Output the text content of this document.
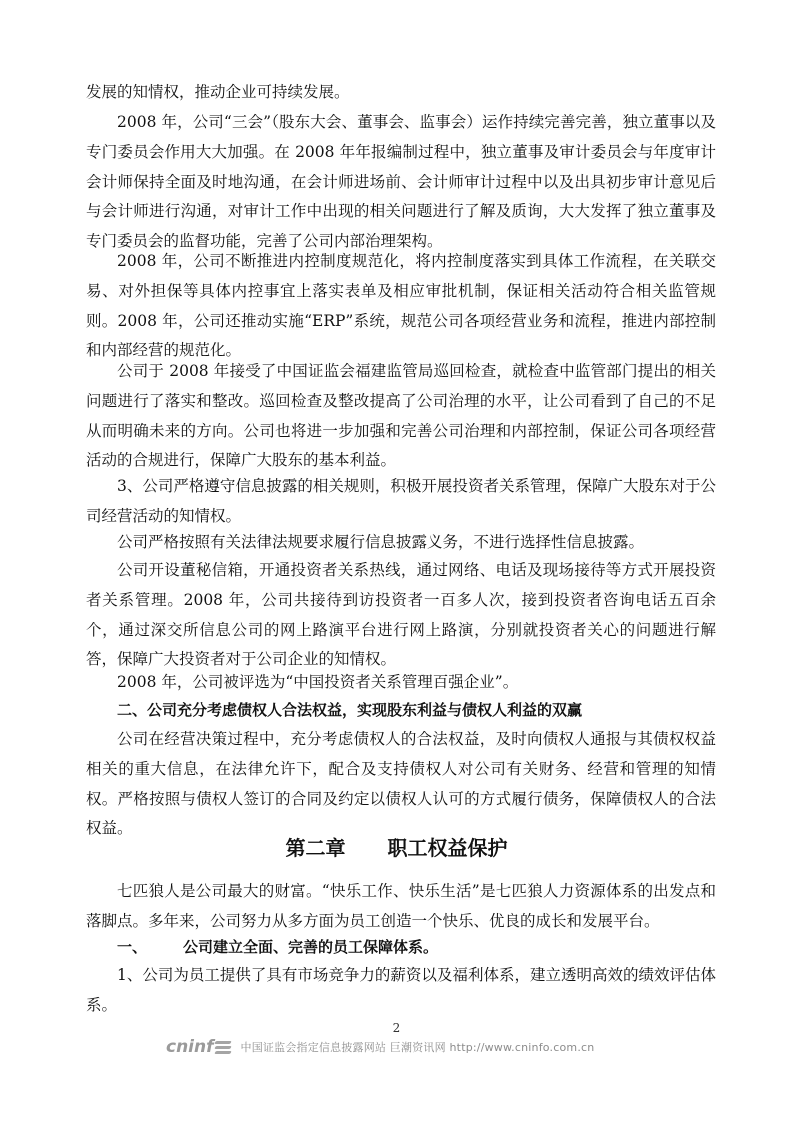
发展的知情权，推动企业可持续发展。

2008 年，公司“三会”（股东大会、董事会、监事会）运作持续完善完善，独立董事以及专门委员会作用大大加强。在 2008 年年报编制过程中，独立董事及审计委员会与年度审计会计师保持全面及时地沟通，在会计师进场前、会计师审计过程中以及出具初步审计意见后与会计师进行沟通，对审计工作中出现的相关问题进行了解及质询，大大发挥了独立董事及专门委员会的监督功能，完善了公司内部治理架构。

2008 年，公司不断推进内控制度规范化，将内控制度落实到具体工作流程，在关联交易、对外担保等具体内控事宜上落实表单及相应审批机制，保证相关活动符合相关监管规则。2008 年，公司还推动实施“ERP”系统，规范公司各项经营业务和流程，推进内部控制和内部经营的规范化。

公司于 2008 年接受了中国证监会福建监管局巡回检查，就检查中监管部门提出的相关问题进行了落实和整改。巡回检查及整改提高了公司治理的水平，让公司看到了自己的不足从而明确未来的方向。公司也将进一步加强和完善公司治理和内部控制，保证公司各项经营活动的合规进行，保障广大股东的基本利益。

3、公司严格遵守信息披露的相关规则，积极开展投资者关系管理，保障广大股东对于公司经营活动的知情权。

公司严格按照有关法律法规要求履行信息披露义务，不进行选择性信息披露。

公司开设董秘信箱，开通投资者关系热线，通过网络、电话及现场接待等方式开展投资者关系管理。2008 年，公司共接待到访投资者一百多人次，接到投资者咨询电话五百余个，通过深交所信息公司的网上路演平台进行网上路演，分别就投资者关心的问题进行解答，保障广大投资者对于公司企业的知情权。

2008 年，公司被评选为“中国投资者关系管理百强企业”。

二、公司充分考虑债权人合法权益，实现股东利益与债权人利益的双赢

公司在经营决策过程中，充分考虑债权人的合法权益，及时向债权人通报与其债权权益相关的重大信息，在法律允许下，配合及支持债权人对公司有关财务、经营和管理的知情权。严格按照与债权人签订的合同及约定以债权人认可的方式履行债务，保障债权人的合法权益。

第二章 职工权益保护

七匹狼人是公司最大的财富。“快乐工作、快乐生活”是七匹狼人力资源体系的出发点和落脚点。多年来，公司努力从多方面为员工创造一个快乐、优良的成长和发展平台。

一、 公司建立全面、完善的员工保障体系。

1、公司为员工提供了具有市场竞争力的薪资以及福利体系，建立透明高效的绩效评估体系。

2
cninf 中国证监会指定信息披露网站 巨潮资讯网 http://www.cninfo.com.cn
